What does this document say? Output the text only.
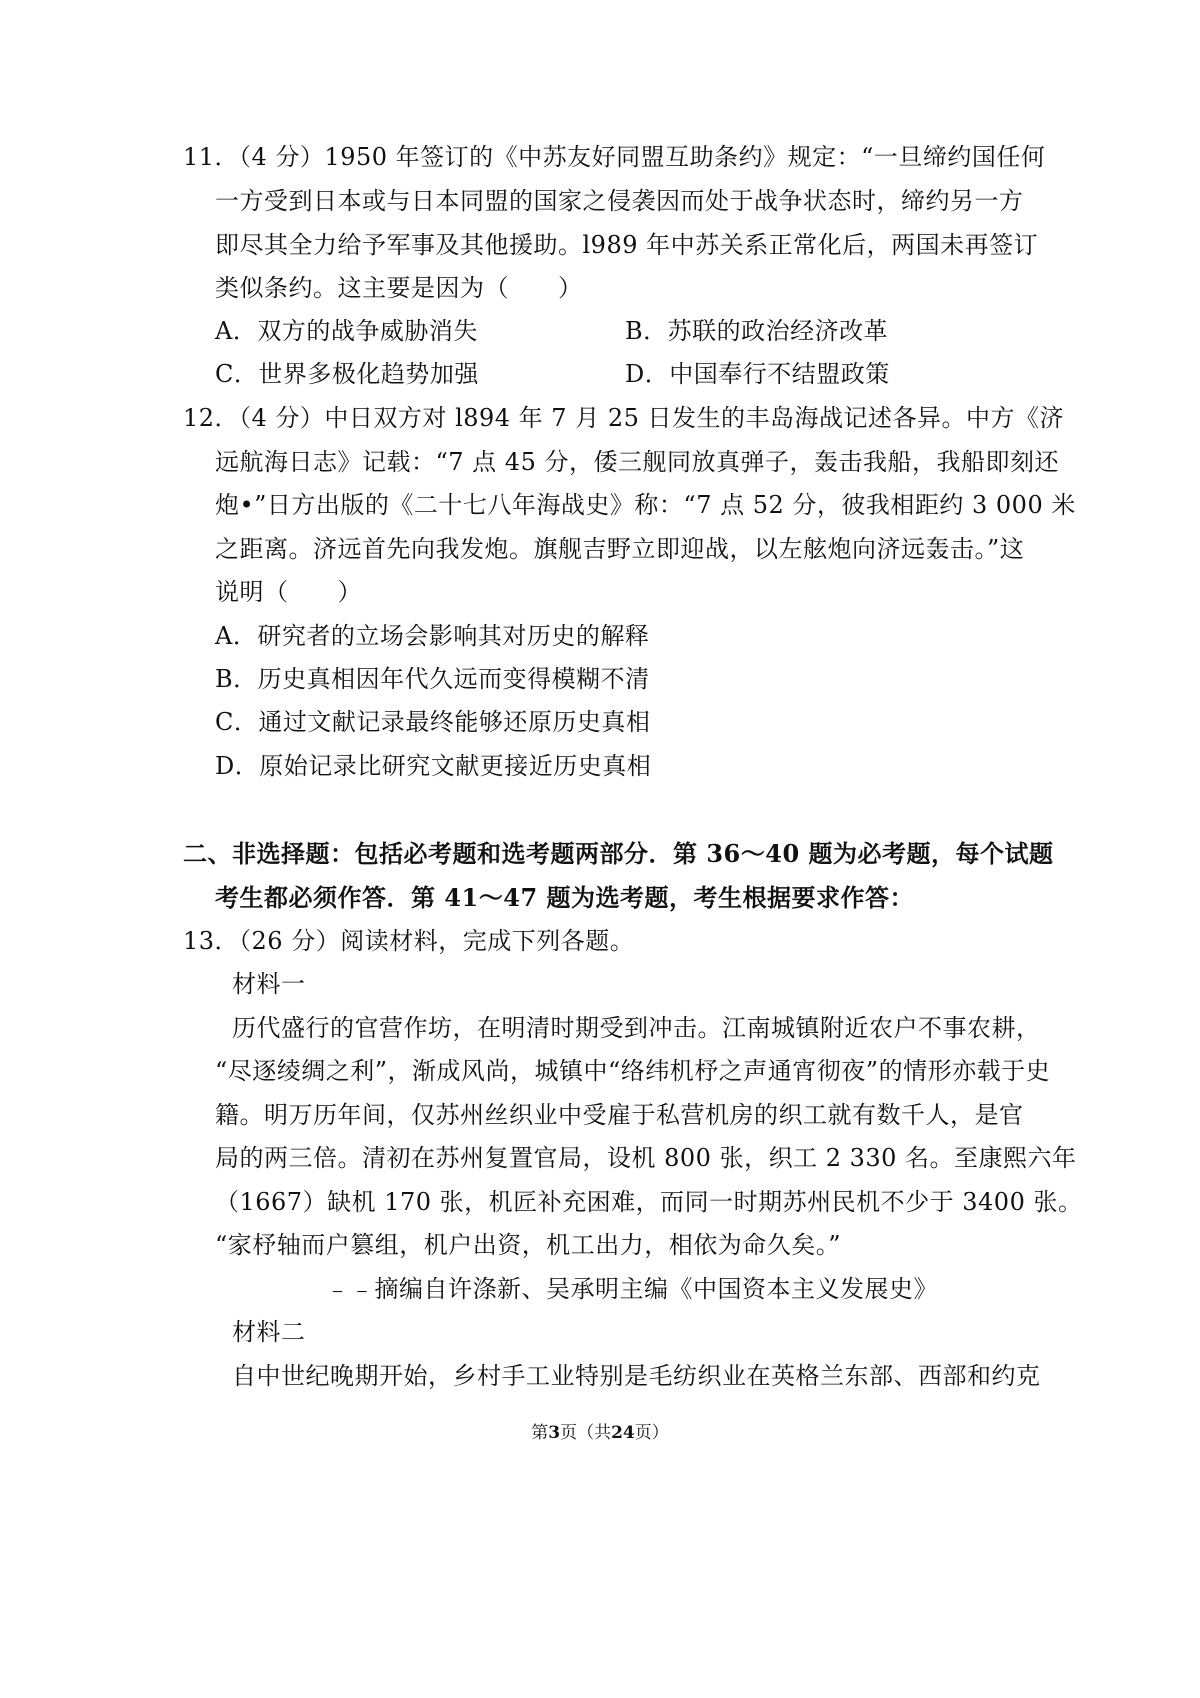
11．（4 分）1950 年签订的《中苏友好同盟互助条约》规定：“一旦缔约国任何
一方受到日本或与日本同盟的国家之侵袭因而处于战争状态时，缔约另一方
即尽其全力给予军事及其他援助。l989 年中苏关系正常化后，两国未再签订
类似条约。这主要是因为（　　）
A．双方的战争威胁消失	B．苏联的政治经济改革
C．世界多极化趋势加强	D．中国奉行不结盟政策
12．（4 分）中日双方对 l894 年 7 月 25 日发生的丰岛海战记述各异。中方《济
远航海日志》记载：“7 点 45 分，倭三舰同放真弹子，轰击我船，我船即刻还
炮•”日方出版的《二十七八年海战史》称：“7 点 52 分，彼我相距约 3 000 米
之距离。济远首先向我发炮。旗舰吉野立即迎战，以左舷炮向济远轰击。”这
说明（　　）
A．研究者的立场会影响其对历史的解释
B．历史真相因年代久远而变得模糊不清
C．通过文献记录最终能够还原历史真相
D．原始记录比研究文献更接近历史真相
二、非选择题：包括必考题和选考题两部分．第 36～40 题为必考题，每个试题
考生都必须作答．第 41～47 题为选考题，考生根据要求作答：
13．（26 分）阅读材料，完成下列各题。
材料一
历代盛行的官营作坊，在明清时期受到冲击。江南城镇附近农户不事农耕，
“尽逐绫绸之利”，渐成风尚，城镇中“络纬机杼之声通宵彻夜”的情形亦载于史
籍。明万历年间，仅苏州丝织业中受雇于私营机房的织工就有数千人，是官
局的两三倍。清初在苏州复置官局，设机 800 张，织工 2 330 名。至康熙六年
（1667）缺机 170 张，机匠补充困难，而同一时期苏州民机不少于 3400 张。
“家杼轴而户篡组，机户出资，机工出力，相依为命久矣。”
﹣﹣摘编自许涤新、吴承明主编《中国资本主义发展史》
材料二
自中世纪晚期开始，乡村手工业特别是毛纺织业在英格兰东部、西部和约克
第3页（共24页）
